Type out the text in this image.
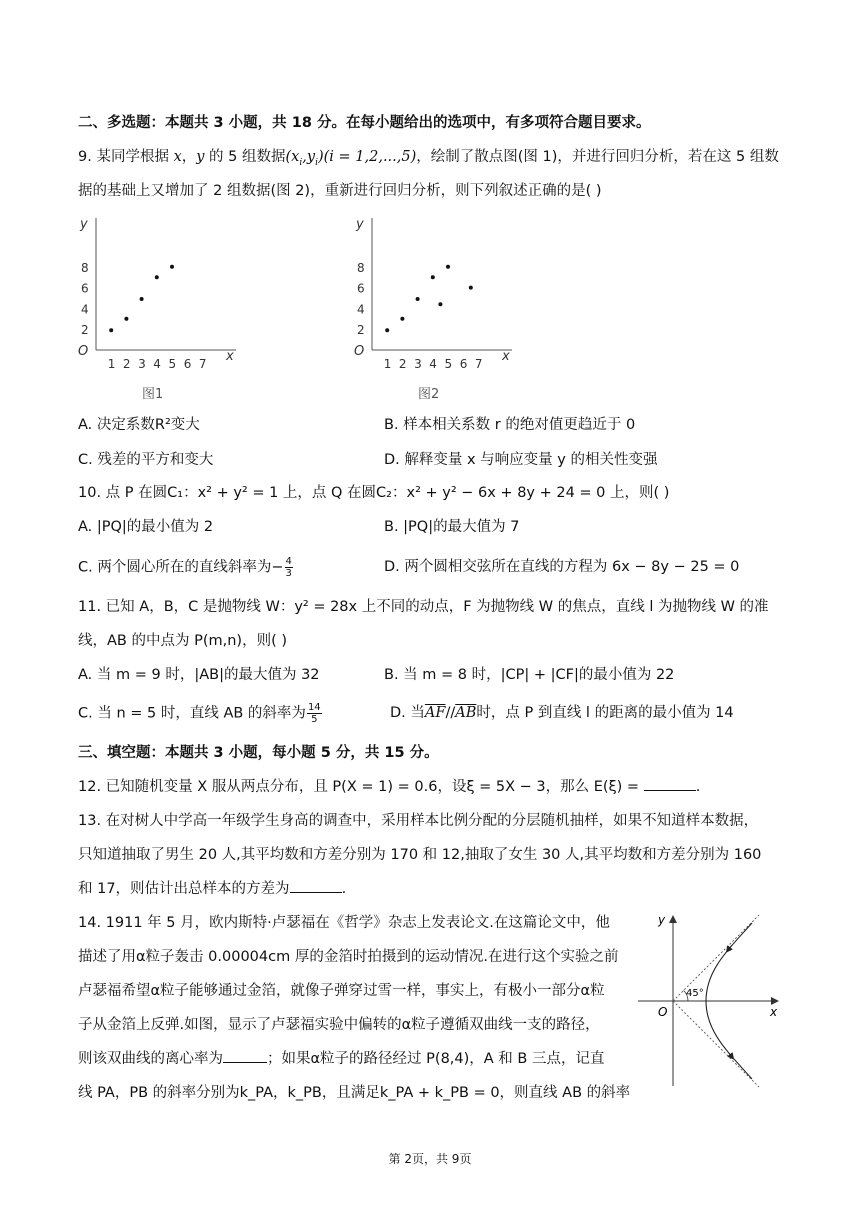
二、多选题：本题共 3 小题，共 18 分。在每小题给出的选项中，有多项符合题目要求。
9. 某同学根据 x，y 的 5 组数据$(x_i,y_i)(i = 1,2,...,5)$，绘制了散点图(图 1)，并进行回归分析，若在这 5 组数
据的基础上又增加了 2 组数据(图 2)，重新进行回归分析，则下列叙述正确的是( )
y
x
O
2
4
6
8
1 2 3 4 5 6 7
图1
y
x
O
2
4
6
8
1 2 3 4 5 6 7
图2
A. 决定系数R²变大	B. 样本相关系数 r 的绝对值更趋近于 0
C. 残差的平方和变大	D. 解释变量 x 与响应变量 y 的相关性变强
10. 点 P 在圆C₁：x² + y² = 1 上，点 Q 在圆C₂：x² + y² − 6x + 8y + 24 = 0 上，则( )
A. |PQ|的最小值为 2	B. |PQ|的最大值为 7
C. 两个圆心所在的直线斜率为− $\frac{4}{3}$	D. 两个圆相交弦所在直线的方程为 6x − 8y − 25 = 0
11. 已知 A，B，C 是抛物线 W：y² = 28x 上不同的动点，F 为抛物线 W 的焦点，直线 l 为抛物线 W 的准
线，AB 的中点为 P(m,n)，则( )
A. 当 m = 9 时，|AB|的最大值为 32	B. 当 m = 8 时，|CP| + |CF|的最小值为 22
C. 当 n = 5 时，直线 AB 的斜率为 $\frac{14}{5}$	D. 当$\overline{AF}//\overline{AB}$时，点 P 到直线 l 的距离的最小值为 14
三、填空题：本题共 3 小题，每小题 5 分，共 15 分。
12. 已知随机变量 X 服从两点分布，且 P(X = 1) = 0.6，设ξ = 5X − 3，那么 E(ξ) =	.
13. 在对树人中学高一年级学生身高的调查中，采用样本比例分配的分层随机抽样，如果不知道样本数据，
只知道抽取了男生 20 人,其平均数和方差分别为 170 和 12,抽取了女生 30 人,其平均数和方差分别为 160
和 17，则估计出总样本的方差为	.
14. 1911 年 5 月，欧内斯特·卢瑟福在《哲学》杂志上发表论文.在这篇论文中，他
描述了用α粒子轰击 0.00004cm 厚的金箔时拍摄到的运动情况.在进行这个实验之前
卢瑟福希望α粒子能够通过金箔，就像子弹穿过雪一样，事实上，有极小一部分α粒
子从金箔上反弹.如图，显示了卢瑟福实验中偏转的α粒子遵循双曲线一支的路径，
则该双曲线的离心率为	；如果α粒子的路径经过 P(8,4)，A 和 B 三点，记直
线 PA，PB 的斜率分别为k_PA，k_PB，且满足k_PA + k_PB = 0，则直线 AB 的斜率
45°
y
x
O
第 2页，共 9页
